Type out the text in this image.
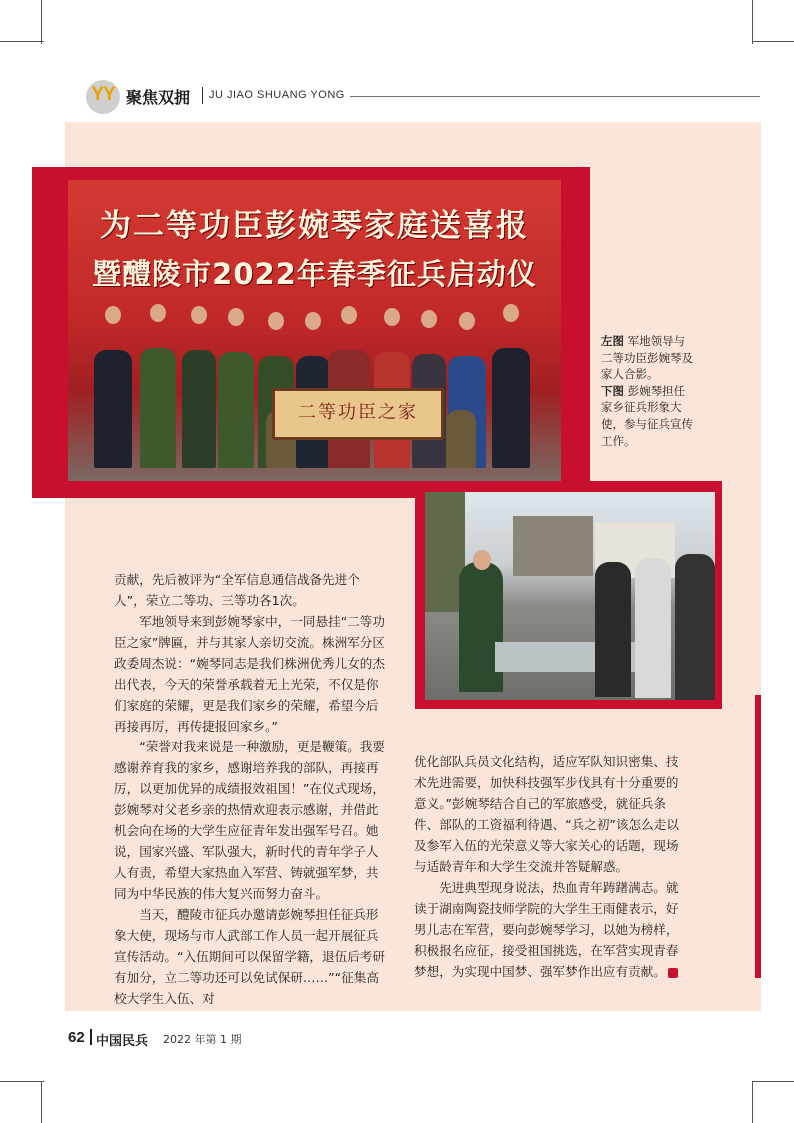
YY 聚焦双拥 JU JIAO SHUANG YONG
为二等功臣彭婉琴家庭送喜报
暨醴陵市2022年春季征兵启动仪
二等功臣之家
左图 军地领导与二等功臣彭婉琴及家人合影。
下图 彭婉琴担任家乡征兵形象大使，参与征兵宣传工作。

贡献，先后被评为“全军信息通信战备先进个人”，荣立二等功、三等功各1次。

军地领导来到彭婉琴家中，一同悬挂“二等功臣之家”牌匾，并与其家人亲切交流。株洲军分区政委周杰说：“婉琴同志是我们株洲优秀儿女的杰出代表，今天的荣誉承载着无上光荣，不仅是你们家庭的荣耀，更是我们家乡的荣耀，希望今后再接再厉，再传捷报回家乡。”

“荣誉对我来说是一种激励，更是鞭策。我要感谢养育我的家乡，感谢培养我的部队，再接再厉，以更加优异的成绩报效祖国！”在仪式现场，彭婉琴对父老乡亲的热情欢迎表示感谢，并借此机会向在场的大学生应征青年发出强军号召。她说，国家兴盛、军队强大，新时代的青年学子人人有责，希望大家热血入军营、铸就强军梦，共同为中华民族的伟大复兴而努力奋斗。

当天，醴陵市征兵办邀请彭婉琴担任征兵形象大使，现场与市人武部工作人员一起开展征兵宣传活动。“入伍期间可以保留学籍，退伍后考研有加分，立二等功还可以免试保研……”“征集高校大学生入伍、对

优化部队兵员文化结构，适应军队知识密集、技术先进需要，加快科技强军步伐具有十分重要的意义。”彭婉琴结合自己的军旅感受，就征兵条件、部队的工资福利待遇、“兵之初”该怎么走以及参军入伍的光荣意义等大家关心的话题，现场与适龄青年和大学生交流并答疑解惑。

先进典型现身说法，热血青年踌躇满志。就读于湖南陶瓷技师学院的大学生王雨健表示，好男儿志在军营，要向彭婉琴学习，以她为榜样，积极报名应征，接受祖国挑选，在军营实现青春梦想，为实现中国梦、强军梦作出应有贡献。

62 中国民兵 2022 年第 1 期
